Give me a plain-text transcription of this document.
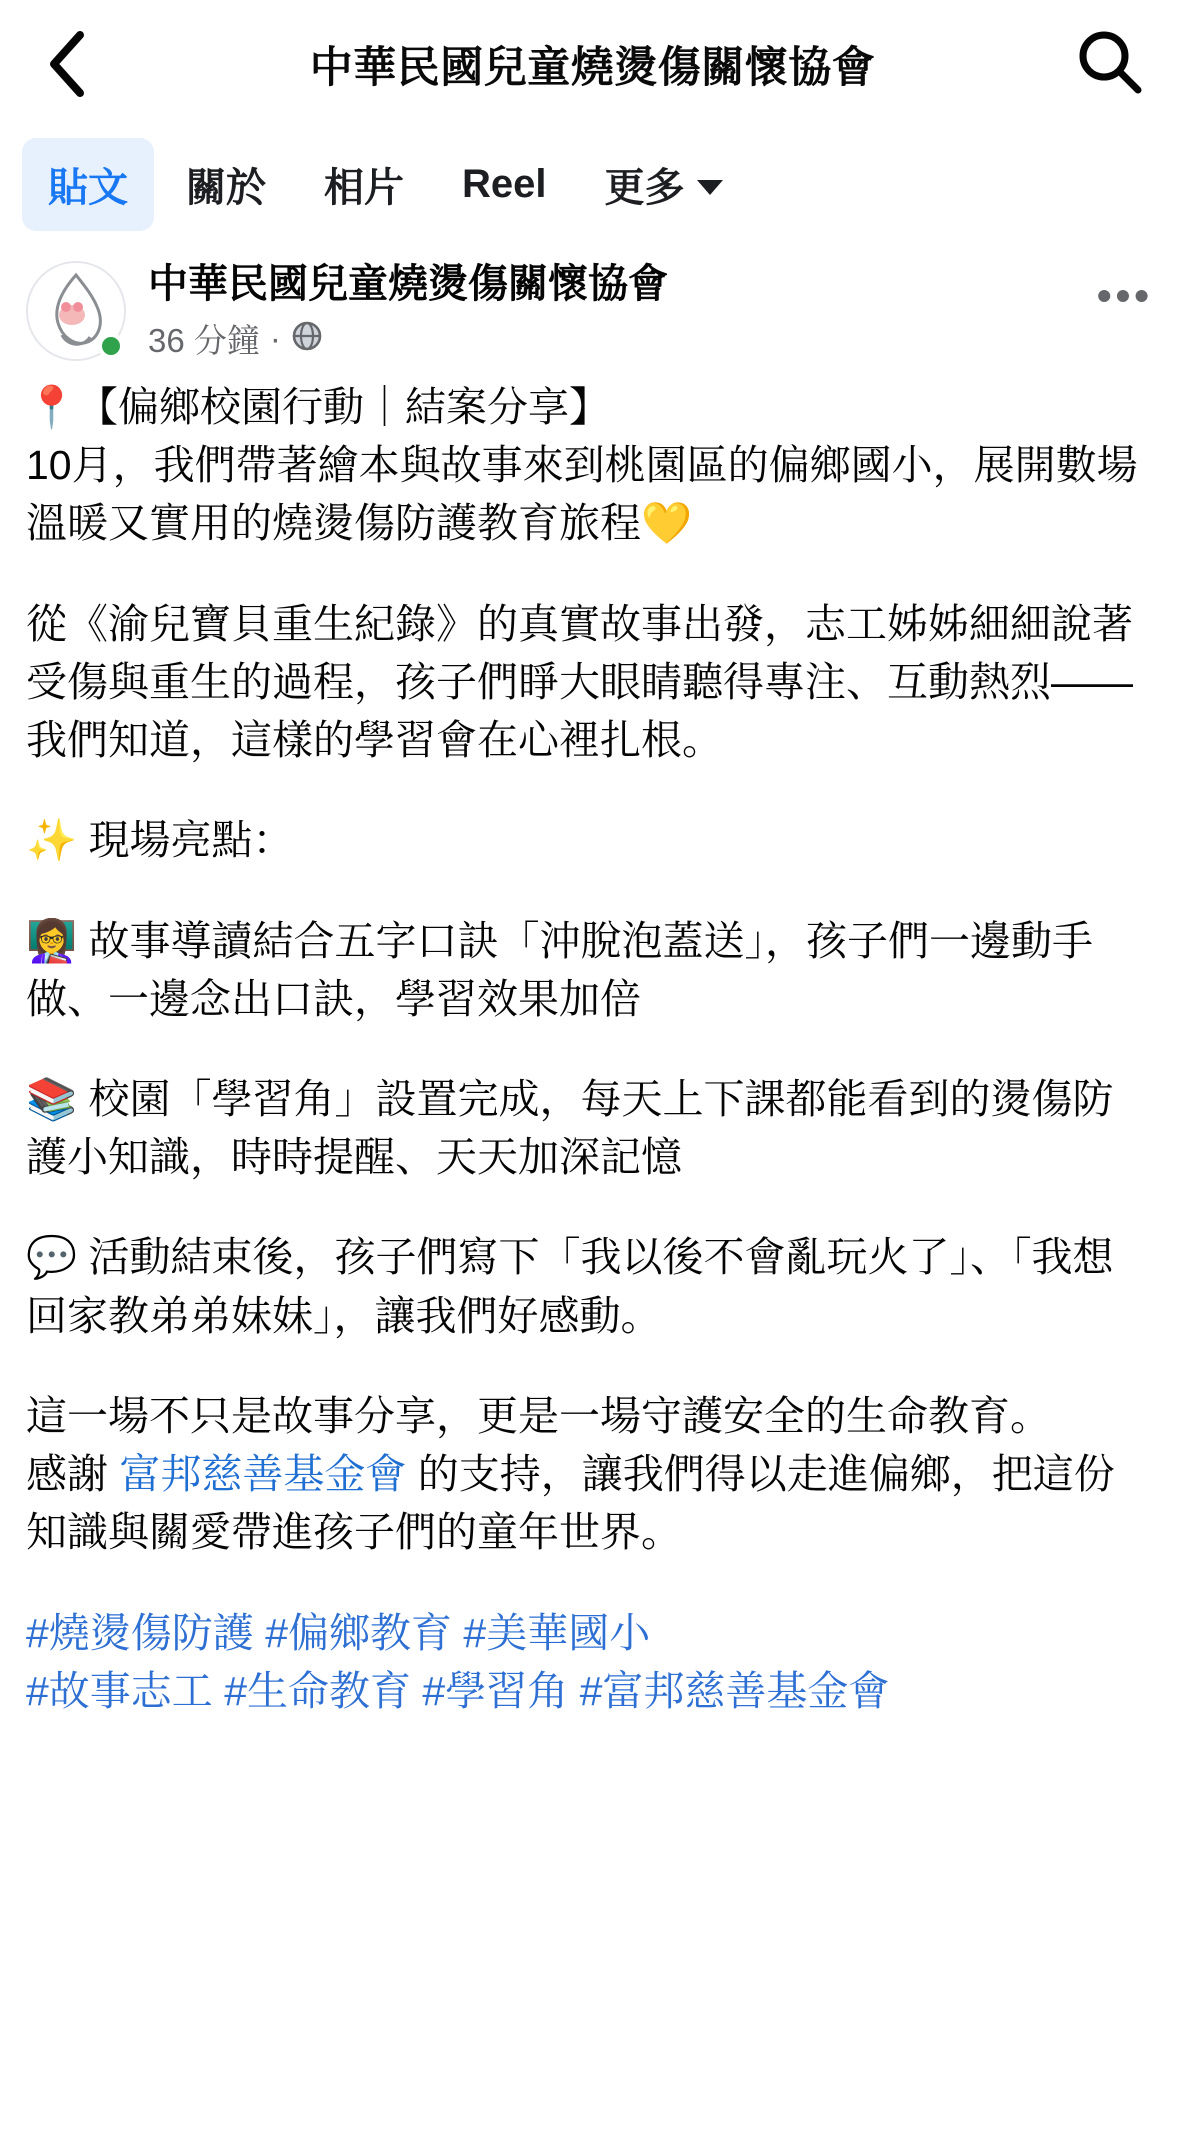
中華民國兒童燒燙傷關懷協會
貼文 關於 相片 Reel 更多
中華民國兒童燒燙傷關懷協會
36 分鐘 ·
•••

📍【偏鄉校園行動｜結案分享】

10月，我們帶著繪本與故事來到桃園區的偏鄉國小，展開數場溫暖又實用的燒燙傷防護教育旅程💛

從《渝兒寶貝重生紀錄》的真實故事出發，志工姊姊細細說著受傷與重生的過程，孩子們睜大眼睛聽得專注、互動熱烈——

我們知道，這樣的學習會在心裡扎根。

✨ 現場亮點：

👩‍🏫 故事導讀結合五字口訣「沖脫泡蓋送」，孩子們一邊動手做、一邊念出口訣，學習效果加倍

📚 校園「學習角」設置完成，每天上下課都能看到的燙傷防護小知識，時時提醒、天天加深記憶

💬 活動結束後，孩子們寫下「我以後不會亂玩火了」、「我想回家教弟弟妹妹」，讓我們好感動。

這一場不只是故事分享，更是一場守護安全的生命教育。

感謝 富邦慈善基金會 的支持，讓我們得以走進偏鄉，把這份知識與關愛帶進孩子們的童年世界。

#燒燙傷防護 #偏鄉教育 #美華國小

#故事志工 #生命教育 #學習角 #富邦慈善基金會
